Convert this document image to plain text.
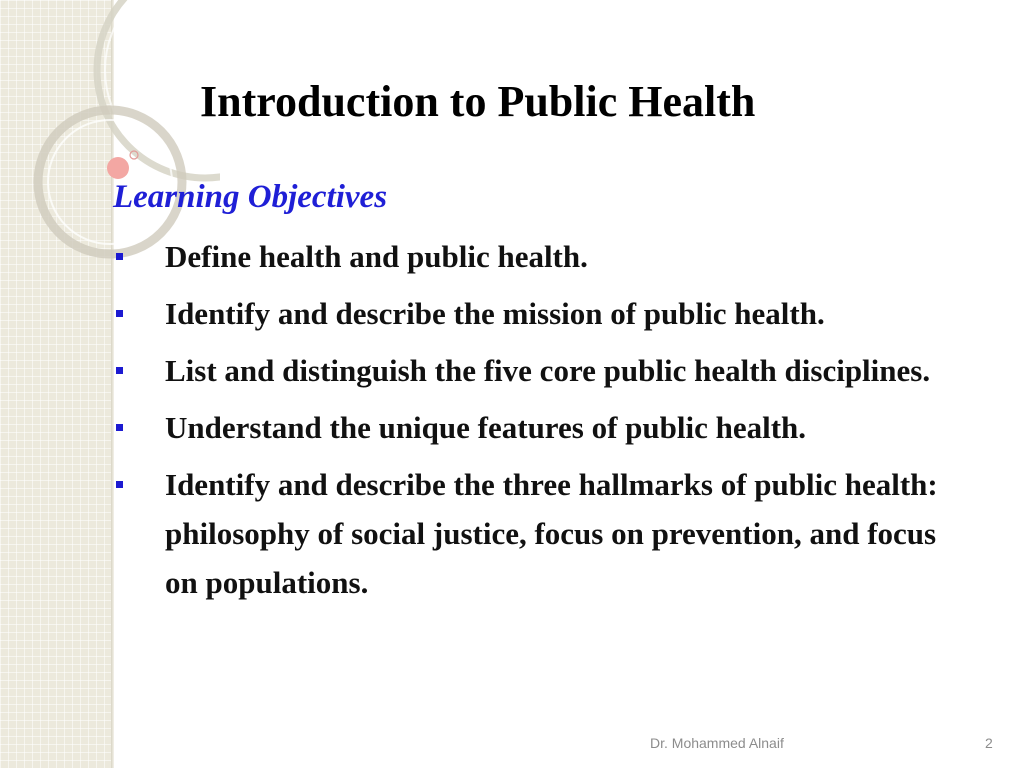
Introduction to Public Health
Learning Objectives
Define health and public health.
Identify and describe the mission of public health.
List and distinguish the five core public health disciplines.
Understand the unique features of public health.
Identify and describe the three hallmarks of public health: philosophy of social justice, focus on prevention, and focus on populations.
Dr. Mohammed Alnaif	2
